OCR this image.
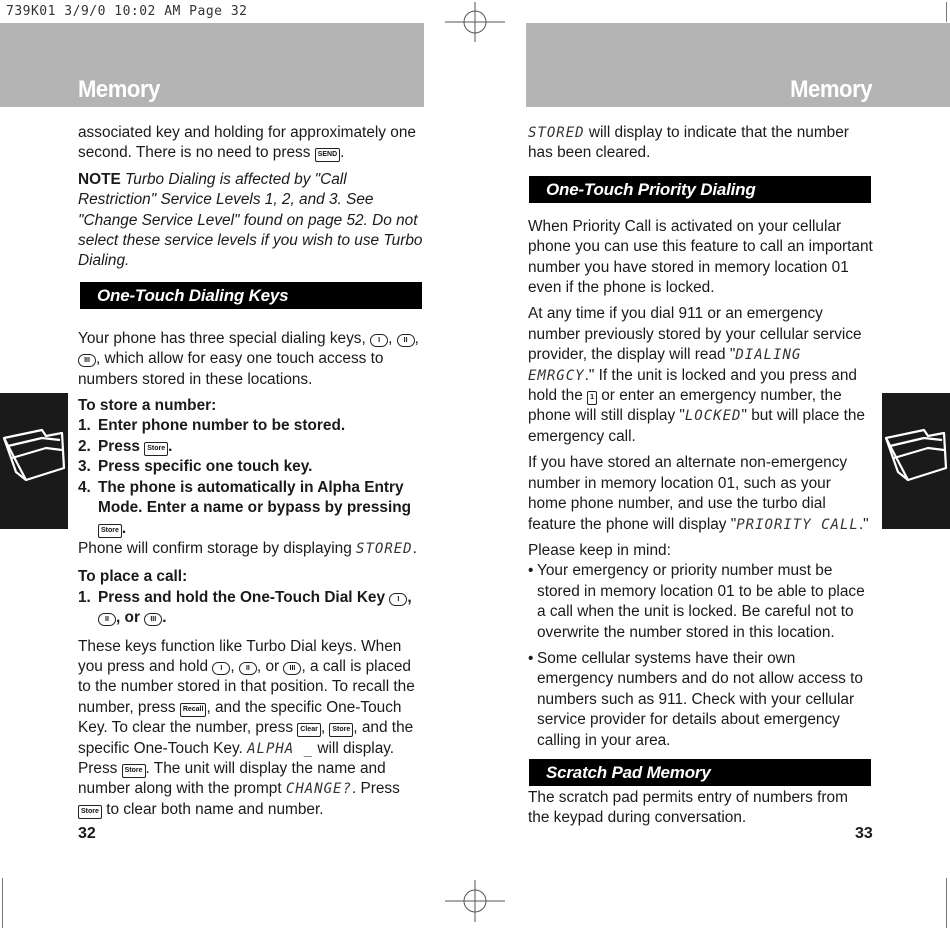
739K01 3/9/0 10:02 AM Page 32
Memory	Memory

associated key and holding for approximately one second. There is no need to press SEND .

NOTE Turbo Dialing is affected by "Call Restriction" Service Levels 1, 2, and 3. See "Change Service Level" found on page 52. Do not select these service levels if you wish to use Turbo Dialing.

One-Touch Dialing Keys

Your phone has three special dialing keys, I , II , III , which allow for easy one touch access to numbers stored in these locations.

To store a number:
1. Enter phone number to be stored.
2. Press Store .
3. Press specific one touch key.
4. The phone is automatically in Alpha Entry Mode. Enter a name or bypass by pressing Store .

Phone will confirm storage by displaying STORED.

To place a call:
1. Press and hold the One-Touch Dial Key I , II , or III .

These keys function like Turbo Dial keys. When you press and hold I , II , or III , a call is placed to the number stored in that position. To recall the number, press Recall , and the specific One-Touch Key. To clear the number, press Clear , Store , and the specific One-Touch Key. ALPHA _ will display. Press Store . The unit will display the name and number along with the prompt CHANGE?. Press Store to clear both name and number.

STORED will display to indicate that the number has been cleared.

One-Touch Priority Dialing

When Priority Call is activated on your cellular phone you can use this feature to call an important number you have stored in memory location 01 even if the phone is locked.

At any time if you dial 911 or an emergency number previously stored by your cellular service provider, the display will read "DIALING EMRGCY." If the unit is locked and you press and hold the 1 or enter an emergency number, the phone will still display "LOCKED" but will place the emergency call.

If you have stored an alternate non-emergency number in memory location 01, such as your home phone number, and use the turbo dial feature the phone will display "PRIORITY CALL."

Please keep in mind:
• Your emergency or priority number must be stored in memory location 01 to be able to place a call when the unit is locked. Be careful not to overwrite the number stored in this location.
• Some cellular systems have their own emergency numbers and do not allow access to numbers such as 911. Check with your cellular service provider for details about emergency calling in your area.
Scratch Pad Memory

The scratch pad permits entry of numbers from the keypad during conversation.

32	33
